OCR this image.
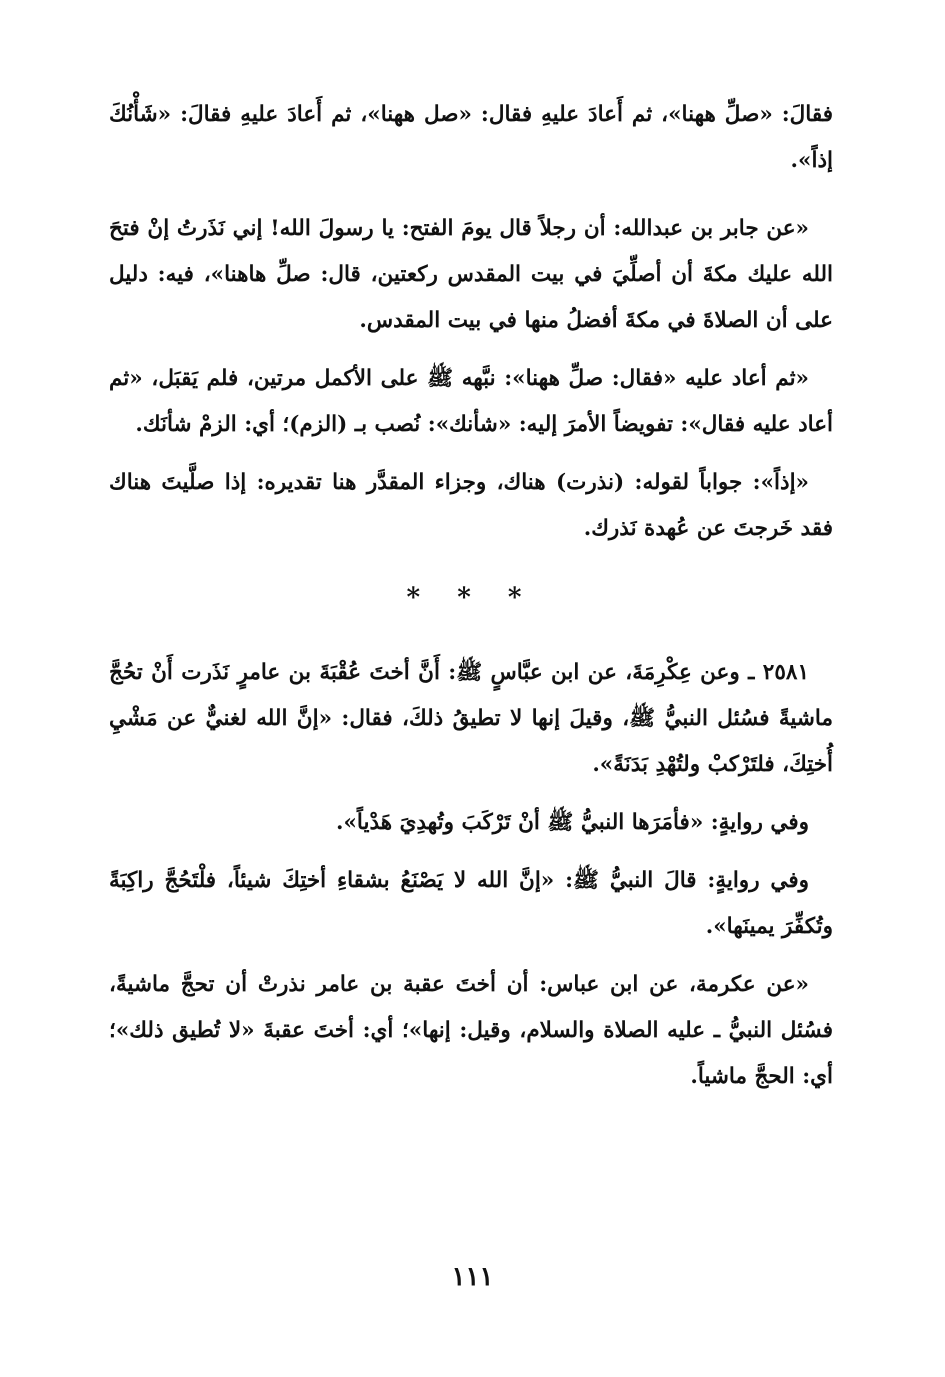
فقالَ: «صلِّ ههنا»، ثم أَعادَ عليهِ فقال: «صل ههنا»، ثم أَعادَ عليهِ فقالَ: «شَأْنُكَ إذاً».

«عن جابر بن عبدالله: أن رجلاً قال يومَ الفتح: يا رسولَ الله! إني نَذَرتُ إنْ فتحَ الله عليك مكةَ أن أصلِّيَ في بيت المقدس ركعتين، قال: صلِّ هاهنا»، فيه: دليل على أن الصلاةَ في مكةَ أفضلُ منها في بيت المقدس.

«ثم أعاد عليه «فقال: صلِّ ههنا»: نبَّهه ﷺ على الأكمل مرتين، فلم يَقبَل، «ثم أعاد عليه فقال»: تفويضاً الأمرَ إليه: «شأنك»: نُصب بـ (الزم)؛ أي: الزمْ شأنَك.

«إذاً»: جواباً لقوله: (نذرت) هناك، وجزاء المقدَّر هنا تقديره: إذا صلَّيتَ هناك فقد خَرجتَ عن عُهدة نَذرك.

* * *

٢٥٨١ ـ وعن عِكْرِمَةَ، عن ابن عبَّاسٍ ﷺ: أَنَّ أختَ عُقْبَةَ بن عامرٍ نَذَرت أَنْ تحُجَّ ماشيةً فسُئل النبيُّ ﷺ، وقيلَ إنها لا تطيقُ ذلكَ، فقال: «إنَّ الله لغنيٌّ عن مَشْيِ أُختِكَ، فلتَرْكبْ ولتُهْدِ بَدَنَةً».

وفي روايةٍ: «فأمَرَها النبيُّ ﷺ أنْ تَرْكَبَ وتُهدِيَ هَدْياً».

وفي روايةٍ: قالَ النبيُّ ﷺ: «إنَّ الله لا يَصْنَعُ بشقاءِ أختِكَ شيئاً، فلْتَحُجَّ راكِبَةً وتُكفِّرَ يمينَها».

«عن عكرمة، عن ابن عباس: أن أختَ عقبة بن عامر نذرتْ أن تحجَّ ماشيةً، فسُئل النبيُّ ـ عليه الصلاة والسلام، وقيل: إنها»؛ أي: أختَ عقبةَ «لا تُطيق ذلك»؛ أي: الحجَّ ماشياً.

١١١
